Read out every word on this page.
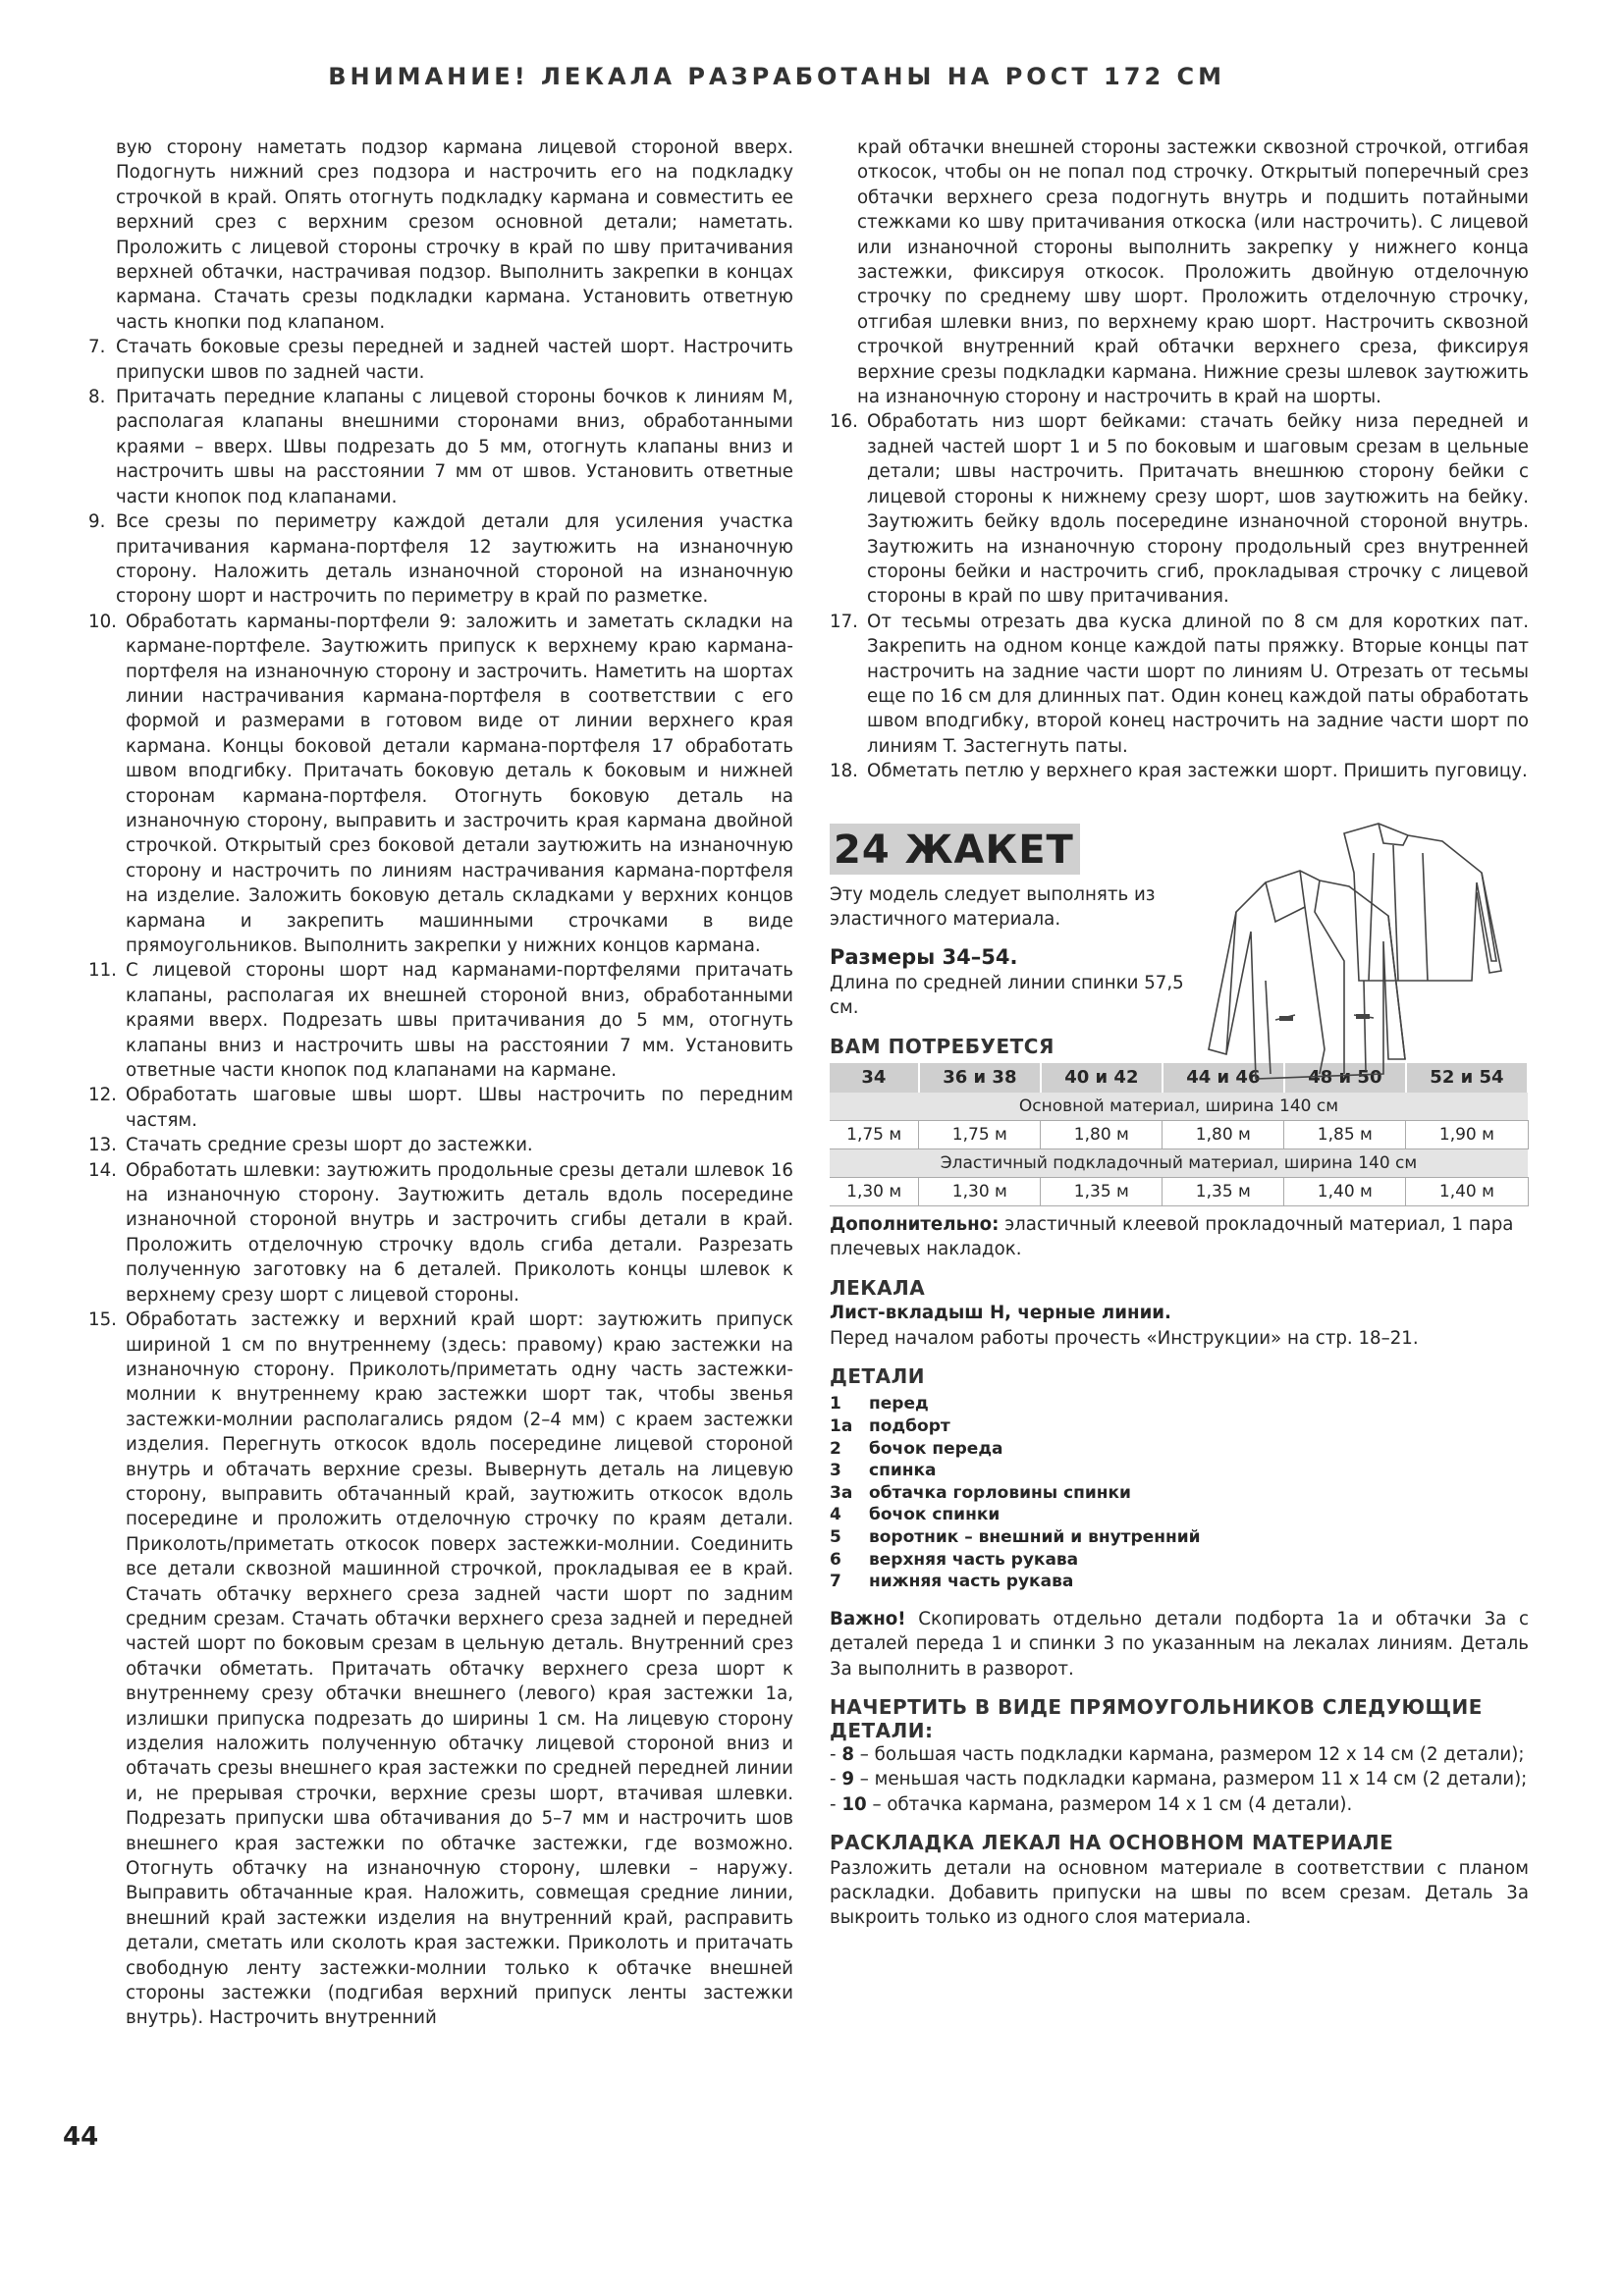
ВНИМАНИЕ! ЛЕКАЛА РАЗРАБОТАНЫ НА РОСТ 172 СМ

вую сторону наметать подзор кармана лицевой стороной вверх. Подогнуть нижний срез подзора и настрочить его на подкладку строчкой в край. Опять отогнуть подкладку кармана и совместить ее верхний срез с верхним срезом основной детали; наметать. Проложить с лицевой стороны строчку в край по шву притачивания верхней обтачки, настрачивая подзор. Выполнить закрепки в концах кармана. Стачать срезы подкладки кармана. Установить ответную часть кнопки под клапаном.

7. Стачать боковые срезы передней и задней частей шорт. Настрочить припуски швов по задней части.
8. Притачать передние клапаны с лицевой стороны бочков к линиям М, располагая клапаны внешними сторонами вниз, обработанными краями – вверх. Швы подрезать до 5 мм, отогнуть клапаны вниз и настрочить швы на расстоянии 7 мм от швов. Установить ответные части кнопок под клапанами.
9. Все срезы по периметру каждой детали для усиления участка притачивания кармана-портфеля 12 заутюжить на изнаночную сторону. Наложить деталь изнаночной стороной на изнаночную сторону шорт и настрочить по периметру в край по разметке.
10. Обработать карманы-портфели 9: заложить и заметать складки на кармане-портфеле. Заутюжить припуск к верхнему краю кармана-портфеля на изнаночную сторону и застрочить. Наметить на шортах линии настрачивания кармана-портфеля в соответствии с его формой и размерами в готовом виде от линии верхнего края кармана. Концы боковой детали кармана-портфеля 17 обработать швом вподгибку. Притачать боковую деталь к боковым и нижней сторонам кармана-портфеля. Отогнуть боковую деталь на изнаночную сторону, выправить и застрочить края кармана двойной строчкой. Открытый срез боковой детали заутюжить на изнаночную сторону и настрочить по линиям настрачивания кармана-портфеля на изделие. Заложить боковую деталь складками у верхних концов кармана и закрепить машинными строчками в виде прямоугольников. Выполнить закрепки у нижних концов кармана.
11. С лицевой стороны шорт над карманами-портфелями притачать клапаны, располагая их внешней стороной вниз, обработанными краями вверх. Подрезать швы притачивания до 5 мм, отогнуть клапаны вниз и настрочить швы на расстоянии 7 мм. Установить ответные части кнопок под клапанами на кармане.
12. Обработать шаговые швы шорт. Швы настрочить по передним частям.
13. Стачать средние срезы шорт до застежки.
14. Обработать шлевки: заутюжить продольные срезы детали шлевок 16 на изнаночную сторону. Заутюжить деталь вдоль посередине изнаночной стороной внутрь и застрочить сгибы детали в край. Проложить отделочную строчку вдоль сгиба детали. Разрезать полученную заготовку на 6 деталей. Приколоть концы шлевок к верхнему срезу шорт с лицевой стороны.
15. Обработать застежку и верхний край шорт: заутюжить припуск шириной 1 см по внутреннему (здесь: правому) краю застежки на изнаночную сторону. Приколоть/приметать одну часть застежки-молнии к внутреннему краю застежки шорт так, чтобы звенья застежки-молнии располагались рядом (2–4 мм) с краем застежки изделия. Перегнуть откосок вдоль посередине лицевой стороной внутрь и обтачать верхние срезы. Вывернуть деталь на лицевую сторону, выправить обтачанный край, заутюжить откосок вдоль посередине и проложить отделочную строчку по краям детали. Приколоть/приметать откосок поверх застежки-молнии. Соединить все детали сквозной машинной строчкой, прокладывая ее в край. Стачать обтачку верхнего среза задней части шорт по задним средним срезам. Стачать обтачки верхнего среза задней и передней частей шорт по боковым срезам в цельную деталь. Внутренний срез обтачки обметать. Притачать обтачку верхнего среза шорт к внутреннему срезу обтачки внешнего (левого) края застежки 1а, излишки припуска подрезать до ширины 1 см. На лицевую сторону изделия наложить полученную обтачку лицевой стороной вниз и обтачать срезы внешнего края застежки по средней передней линии и, не прерывая строчки, верхние срезы шорт, втачивая шлевки. Подрезать припуски шва обтачивания до 5–7 мм и настрочить шов внешнего края застежки по обтачке застежки, где возможно. Отогнуть обтачку на изнаночную сторону, шлевки – наружу. Выправить обтачанные края. Наложить, совмещая средние линии, внешний край застежки изделия на внутренний край, расправить детали, сметать или сколоть края застежки. Приколоть и притачать свободную ленту застежки-молнии только к обтачке внешней стороны застежки (подгибая верхний припуск ленты застежки внутрь). Настрочить внутренний

край обтачки внешней стороны застежки сквозной строчкой, отгибая откосок, чтобы он не попал под строчку. Открытый поперечный срез обтачки верхнего среза подогнуть внутрь и подшить потайными стежками ко шву притачивания откоска (или настрочить). С лицевой или изнаночной стороны выполнить закрепку у нижнего конца застежки, фиксируя откосок. Проложить двойную отделочную строчку по среднему шву шорт. Проложить отделочную строчку, отгибая шлевки вниз, по верхнему краю шорт. Настрочить сквозной строчкой внутренний край обтачки верхнего среза, фиксируя верхние срезы подкладки кармана. Нижние срезы шлевок заутюжить на изнаночную сторону и настрочить в край на шорты.

16. Обработать низ шорт бейками: стачать бейку низа передней и задней частей шорт 1 и 5 по боковым и шаговым срезам в цельные детали; швы настрочить. Притачать внешнюю сторону бейки с лицевой стороны к нижнему срезу шорт, шов заутюжить на бейку. Заутюжить бейку вдоль посередине изнаночной стороной внутрь. Заутюжить на изнаночную сторону продольный срез внутренней стороны бейки и настрочить сгиб, прокладывая строчку с лицевой стороны в край по шву притачивания.
17. От тесьмы отрезать два куска длиной по 8 см для коротких пат. Закрепить на одном конце каждой паты пряжку. Вторые концы пат настрочить на задние части шорт по линиям U. Отрезать от тесьмы еще по 16 см для длинных пат. Один конец каждой паты обработать швом вподгибку, второй конец настрочить на задние части шорт по линиям T. Застегнуть паты.
18. Обметать петлю у верхнего края застежки шорт. Пришить пуговицу.
24 ЖАКЕТ
Эту модель следует выполнять из эластичного материала.
Размеры 34–54.
Длина по средней линии спинки 57,5 см.
ВАМ ПОТРЕБУЕТСЯ
34	36 и 38	40 и 42	44 и 46	48 и 50	52 и 54
Основной материал, ширина 140 см					
1,75 м	1,75 м	1,80 м	1,80 м	1,85 м	1,90 м
Эластичный подкладочный материал, ширина 140 см					
1,30 м	1,30 м	1,35 м	1,35 м	1,40 м	1,40 м
Дополнительно: эластичный клеевой прокладочный материал, 1 пара плечевых накладок.
ЛЕКАЛА
Лист-вкладыш Н, черные линии.
Перед началом работы прочесть «Инструкции» на стр. 18–21.
ДЕТАЛИ
1	перед
1а подборт
2	бочок переда
3	спинка
3а обтачка горловины спинки
4	бочок спинки
5	воротник – внешний и внутренний
6	верхняя часть рукава
7	нижняя часть рукава

Важно! Скопировать отдельно детали подборта 1а и обтачки 3а с деталей переда 1 и спинки 3 по указанным на лекалах линиям. Деталь 3а выполнить в разворот.

НАЧЕРТИТЬ В ВИДЕ ПРЯМОУГОЛЬНИКОВ СЛЕДУЮЩИЕ ДЕТАЛИ:

- 8 – большая часть подкладки кармана, размером 12 х 14 см (2 детали);

- 9 – меньшая часть подкладки кармана, размером 11 х 14 см (2 детали);

- 10 – обтачка кармана, размером 14 х 1 см (4 детали).

РАСКЛАДКА ЛЕКАЛ НА ОСНОВНОМ МАТЕРИАЛЕ

Разложить детали на основном материале в соответствии с планом раскладки. Добавить припуски на швы по всем срезам. Деталь 3а выкроить только из одного слоя материала.

44
